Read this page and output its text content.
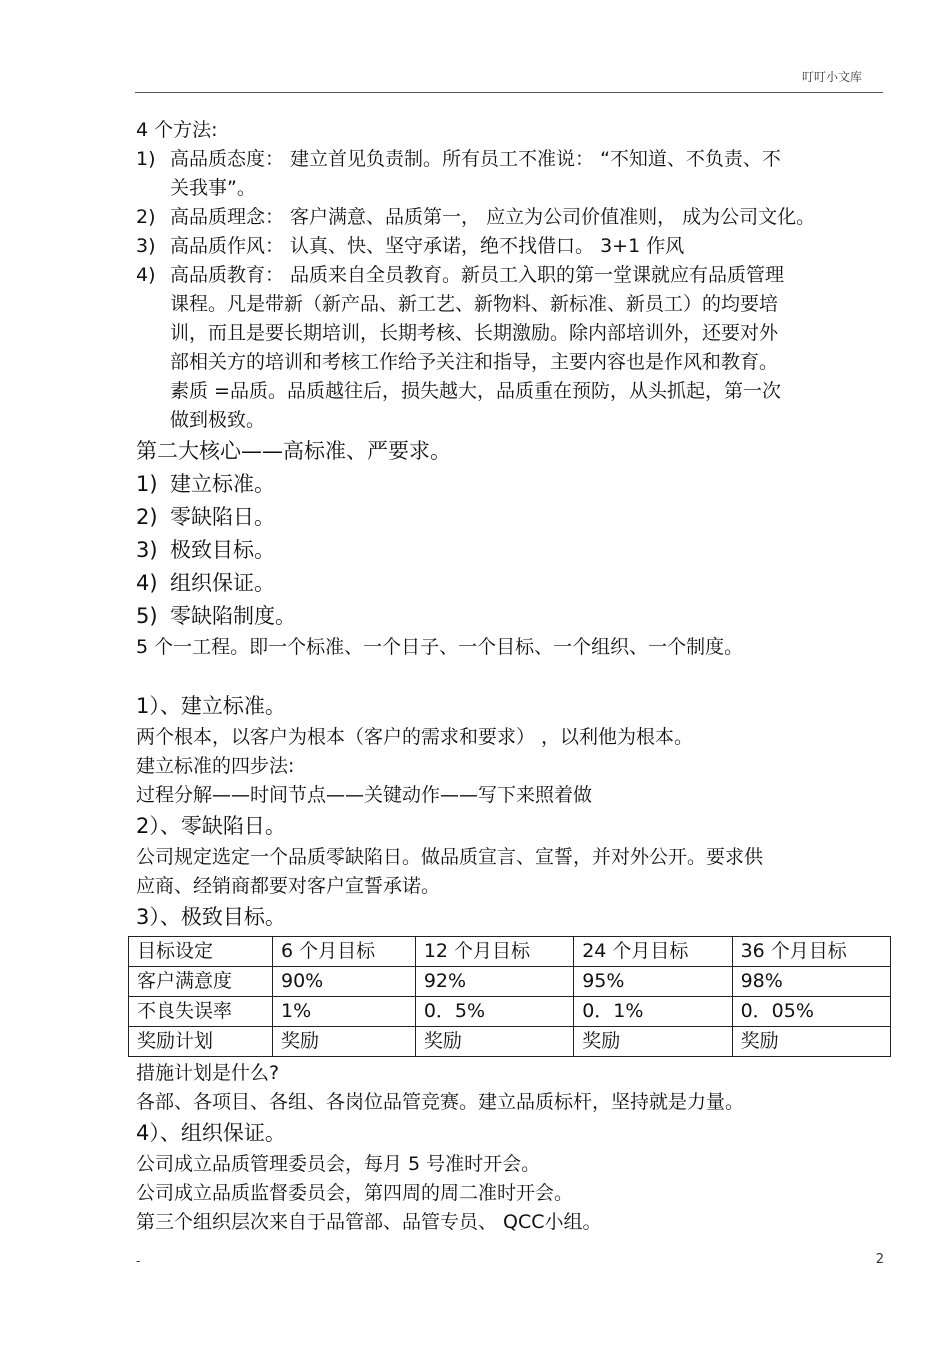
叮叮小文库
4 个方法:
1) 高品质态度： 建立首见负责制。所有员工不准说： “不知道、不负责、不
关我事”。
2) 高品质理念： 客户满意、品质第一， 应立为公司价值准则， 成为公司文化。
3) 高品质作风： 认真、快、坚守承诺，绝不找借口。 3+1 作风
4) 高品质教育： 品质来自全员教育。新员工入职的第一堂课就应有品质管理
课程。凡是带新（新产品、新工艺、新物料、新标准、新员工）的均要培
训，而且是要长期培训，长期考核、长期激励。除内部培训外，还要对外
部相关方的培训和考核工作给予关注和指导，主要内容也是作风和教育。
素质 =品质。品质越往后，损失越大，品质重在预防，从头抓起，第一次
做到极致。
第二大核心——高标准、严要求。
1) 建立标准。
2) 零缺陷日。
3) 极致目标。
4) 组织保证。
5) 零缺陷制度。
5 个一工程。即一个标准、一个日子、一个目标、一个组织、一个制度。
1）、建立标准。
两个根本，以客户为根本（客户的需求和要求） ，以利他为根本。
建立标准的四步法:
过程分解——时间节点——关键动作——写下来照着做
2）、零缺陷日。
公司规定选定一个品质零缺陷日。做品质宣言、宣誓，并对外公开。要求供
应商、经销商都要对客户宣誓承诺。
3）、极致目标。
目标设定	6 个月目标	12 个月目标	24 个月目标	36 个月目标
客户满意度	90%	92%	95%	98%
不良失误率	1%	0．5%	0．1%	0．05%
奖励计划	奖励	奖励	奖励	奖励
措施计划是什么?
各部、各项目、各组、各岗位品管竞赛。建立品质标杆，坚持就是力量。
4）、组织保证。
公司成立品质管理委员会，每月 5 号准时开会。
公司成立品质监督委员会，第四周的周二准时开会。
第三个组织层次来自于品管部、品管专员、 QCC小组。
-	2
